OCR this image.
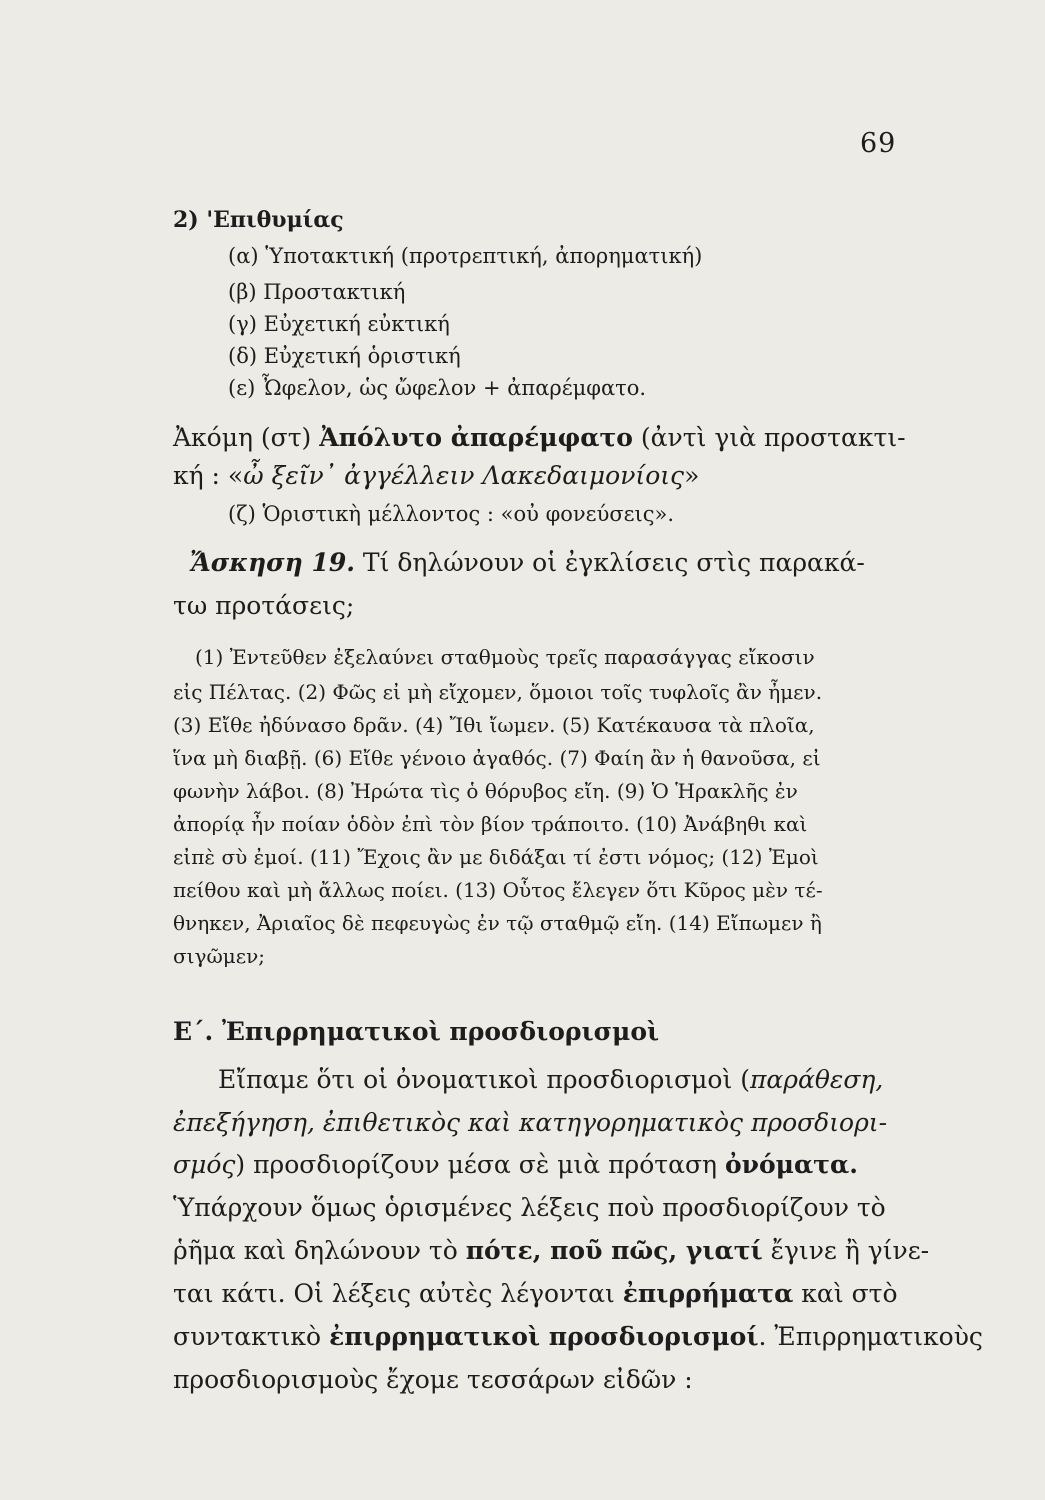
69
2) 'Επιθυμίας
(α) Ὑποτακτική (προτρεπτική, ἀπορηματική)
(β) Προστακτική
(γ) Εὐχετική εὐκτική
(δ) Εὐχετική ὁριστική
(ε) Ὦφελον, ὡς ὤφελον + ἀπαρέμφατο.
Ἀκόμη (στ) Ἀπόλυτο ἀπαρέμφατο (ἀντὶ γιὰ προστακτι-
κή : «ὦ ξεῖν᾽ ἀγγέλλειν Λακεδαιμονίοις»
(ζ) Ὁριστικὴ μέλλοντος : «οὐ φονεύσεις».
Ἄσκηση 19. Τί δηλώνουν οἱ ἐγκλίσεις στὶς παρακά-
τω προτάσεις;
(1) Ἐντεῦθεν ἐξελαύνει σταθμοὺς τρεῖς παρασάγγας εἴκοσιν
εἰς Πέλτας. (2) Φῶς εἰ μὴ εἴχομεν, ὅμοιοι τοῖς τυφλοῖς ἂν ἦμεν.
(3) Εἴθε ἠδύνασο δρᾶν. (4) Ἴθι ἴωμεν. (5) Κατέκαυσα τὰ πλοῖα,
ἵνα μὴ διαβῇ. (6) Εἴθε γένοιο ἀγαθός. (7) Φαίη ἂν ἡ θανοῦσα, εἰ
φωνὴν λάβοι. (8) Ἠρώτα τὶς ὁ θόρυβος εἴη. (9) Ὁ Ἡρακλῆς ἐν
ἀπορίᾳ ἦν ποίαν ὁδὸν ἐπὶ τὸν βίον τράποιτο. (10) Ἀνάβηθι καὶ
εἰπὲ σὺ ἐμοί. (11) Ἔχοις ἂν με διδάξαι τί ἐστι νόμος; (12) Ἐμοὶ
πείθου καὶ μὴ ἄλλως ποίει. (13) Οὗτος ἔλεγεν ὅτι Κῦρος μὲν τέ-
θνηκεν, Ἀριαῖος δὲ πεφευγὼς ἐν τῷ σταθμῷ εἴη. (14) Εἴπωμεν ἢ
σιγῶμεν;
Ε΄. Ἐπιρρηματικοὶ προσδιορισμοὶ
Εἴπαμε ὅτι οἱ ὀνοματικοὶ προσδιορισμοὶ (παράθεση,
ἐπεξήγηση, ἐπιθετικὸς καὶ κατηγορηματικὸς προσδιορι-
σμός) προσδιορίζουν μέσα σὲ μιὰ πρόταση ὀνόματα.
Ὑπάρχουν ὅμως ὁρισμένες λέξεις ποὺ προσδιορίζουν τὸ
ῥῆμα καὶ δηλώνουν τὸ πότε, ποῦ πῶς, γιατί ἔγινε ἢ γίνε-
ται κάτι. Οἱ λέξεις αὐτὲς λέγονται ἐπιρρήματα καὶ στὸ
συντακτικὸ ἐπιρρηματικοὶ προσδιορισμοί. Ἐπιρρηματικοὺς
προσδιορισμοὺς ἔχομε τεσσάρων εἰδῶν :
